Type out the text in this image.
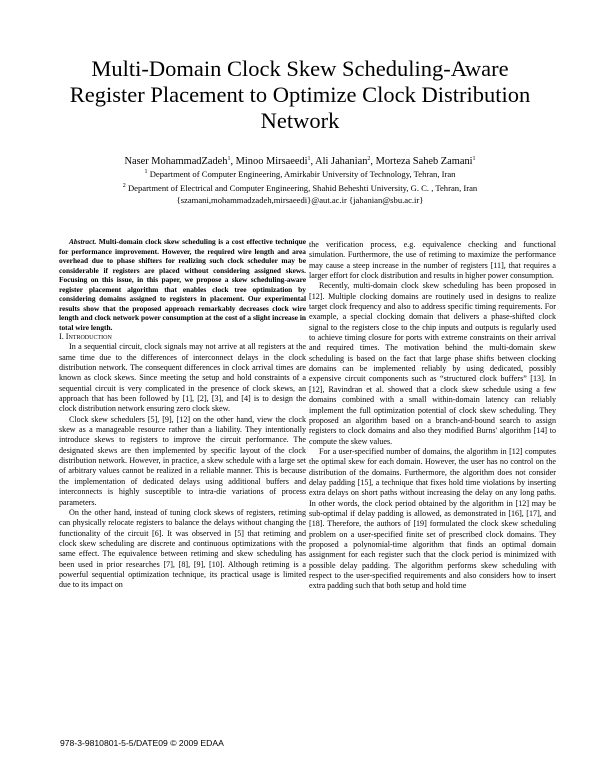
Multi-Domain Clock Skew Scheduling-Aware
Register Placement to Optimize Clock Distribution
Network
Naser MohammadZadeh$^1$, Minoo Mirsaeedi$^1$, Ali Jahanian$^2$, Morteza Saheb Zamani$^1$
$^1$ Department of Computer Engineering, Amirkabir University of Technology, Tehran, Iran
$^2$ Department of Electrical and Computer Engineering, Shahid Beheshti University, G. C. , Tehran, Iran
{szamani,mohammadzadeh,mirsaeedi}@aut.ac.ir {jahanian@sbu.ac.ir}

Abstract. Multi-domain clock skew scheduling is a cost effective technique for performance improvement. However, the required wire length and area overhead due to phase shifters for realizing such clock scheduler may be considerable if registers are placed without considering assigned skews. Focusing on this issue, in this paper, we propose a skew scheduling-aware register placement algorithm that enables clock tree optimization by considering domains assigned to registers in placement. Our experimental results show that the proposed approach remarkably decreases clock wire length and clock network power consumption at the cost of a slight increase in total wire length.

I. Introduction

In a sequential circuit, clock signals may not arrive at all registers at the same time due to the differences of interconnect delays in the clock distribution network. The consequent differences in clock arrival times are known as clock skews. Since meeting the setup and hold constraints of a sequential circuit is very complicated in the presence of clock skews, an approach that has been followed by [1], [2], [3], and [4] is to design the clock distribution network ensuring zero clock skew.

Clock skew schedulers [5], [9], [12] on the other hand, view the clock skew as a manageable resource rather than a liability. They intentionally introduce skews to registers to improve the circuit performance. The designated skews are then implemented by specific layout of the clock distribution network. However, in practice, a skew schedule with a large set of arbitrary values cannot be realized in a reliable manner. This is because the implementation of dedicated delays using additional buffers and interconnects is highly susceptible to intra-die variations of process parameters.

On the other hand, instead of tuning clock skews of registers, retiming can physically relocate registers to balance the delays without changing the functionality of the circuit [6]. It was observed in [5] that retiming and clock skew scheduling are discrete and continuous optimizations with the same effect. The equivalence between retiming and skew scheduling has been used in prior researches [7], [8], [9], [10]. Although retiming is a powerful sequential optimization technique, its practical usage is limited due to its impact on

the verification process, e.g. equivalence checking and functional simulation. Furthermore, the use of retiming to maximize the performance may cause a steep increase in the number of registers [11], that requires a larger effort for clock distribution and results in higher power consumption.

Recently, multi-domain clock skew scheduling has been proposed in [12]. Multiple clocking domains are routinely used in designs to realize target clock frequency and also to address specific timing requirements. For example, a special clocking domain that delivers a phase-shifted clock signal to the registers close to the chip inputs and outputs is regularly used to achieve timing closure for ports with extreme constraints on their arrival and required times. The motivation behind the multi-domain skew scheduling is based on the fact that large phase shifts between clocking domains can be implemented reliably by using dedicated, possibly expensive circuit components such as “structured clock buffers” [13]. In [12], Ravindran et al. showed that a clock skew schedule using a few domains combined with a small within-domain latency can reliably implement the full optimization potential of clock skew scheduling. They proposed an algorithm based on a branch-and-bound search to assign registers to clock domains and also they modified Burns' algorithm [14] to compute the skew values.

For a user-specified number of domains, the algorithm in [12] computes the optimal skew for each domain. However, the user has no control on the distribution of the domains. Furthermore, the algorithm does not consider delay padding [15], a technique that fixes hold time violations by inserting extra delays on short paths without increasing the delay on any long paths. In other words, the clock period obtained by the algorithm in [12] may be sub-optimal if delay padding is allowed, as demonstrated in [16], [17], and [18]. Therefore, the authors of [19] formulated the clock skew scheduling problem on a user-specified finite set of prescribed clock domains. They proposed a polynomial-time algorithm that finds an optimal domain assignment for each register such that the clock period is minimized with possible delay padding. The algorithm performs skew scheduling with respect to the user-specified requirements and also considers how to insert extra padding such that both setup and hold time

978-3-9810801-5-5/DATE09 © 2009 EDAA
